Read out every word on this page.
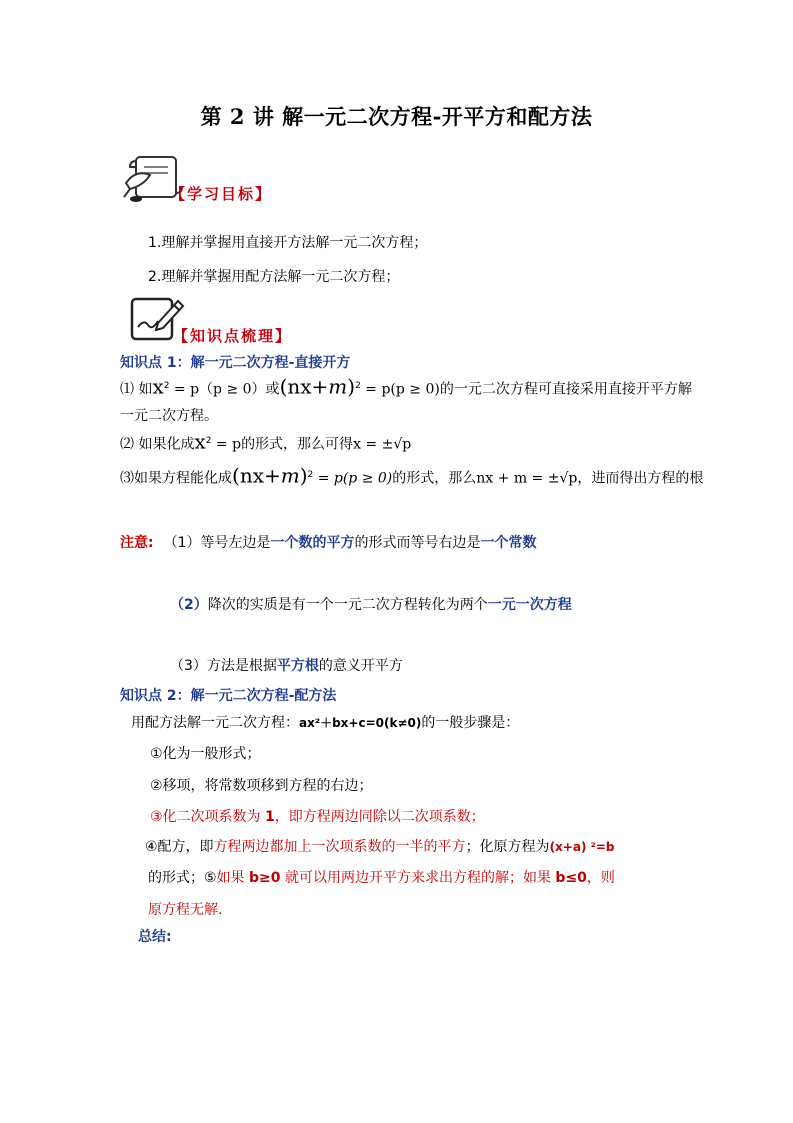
第 2 讲 解一元二次方程-开平方和配方法
【学习目标】
1.理解并掌握用直接开方法解一元二次方程；
2.理解并掌握用配方法解一元二次方程；
【知识点梳理】
知识点 1：解一元二次方程-直接开方
⑴ 如$x^2 = p(p \ge 0)$或$(nx+m)^2 = p(p \ge 0)$的一元二次方程可直接采用直接开平方解
一元二次方程。
⑵ 如果化成$x^2 = p$的形式，那么可得x = ±√p
⑶如果方程能化成$(nx+m)^2 = p(p \ge 0)$的形式，那么nx + m = ±√p，进而得出方程的根
注意: （1）等号左边是一个数的平方的形式而等号右边是一个常数
（2）降次的实质是有一个一元二次方程转化为两个一元一次方程
（3）方法是根据平方根的意义开平方
知识点 2：解一元二次方程-配方法
用配方法解一元二次方程：ax²＋bx+c=0(k≠0)的一般步骤是：
①化为一般形式；
②移项，将常数项移到方程的右边；
③化二次项系数为 1，即方程两边同除以二次项系数；
④配方，即方程两边都加上一次项系数的一半的平方；化原方程为(x+a) ²=b
的形式；⑤如果 b≥0 就可以用两边开平方来求出方程的解；如果 b≤0，则
原方程无解.
总结:
